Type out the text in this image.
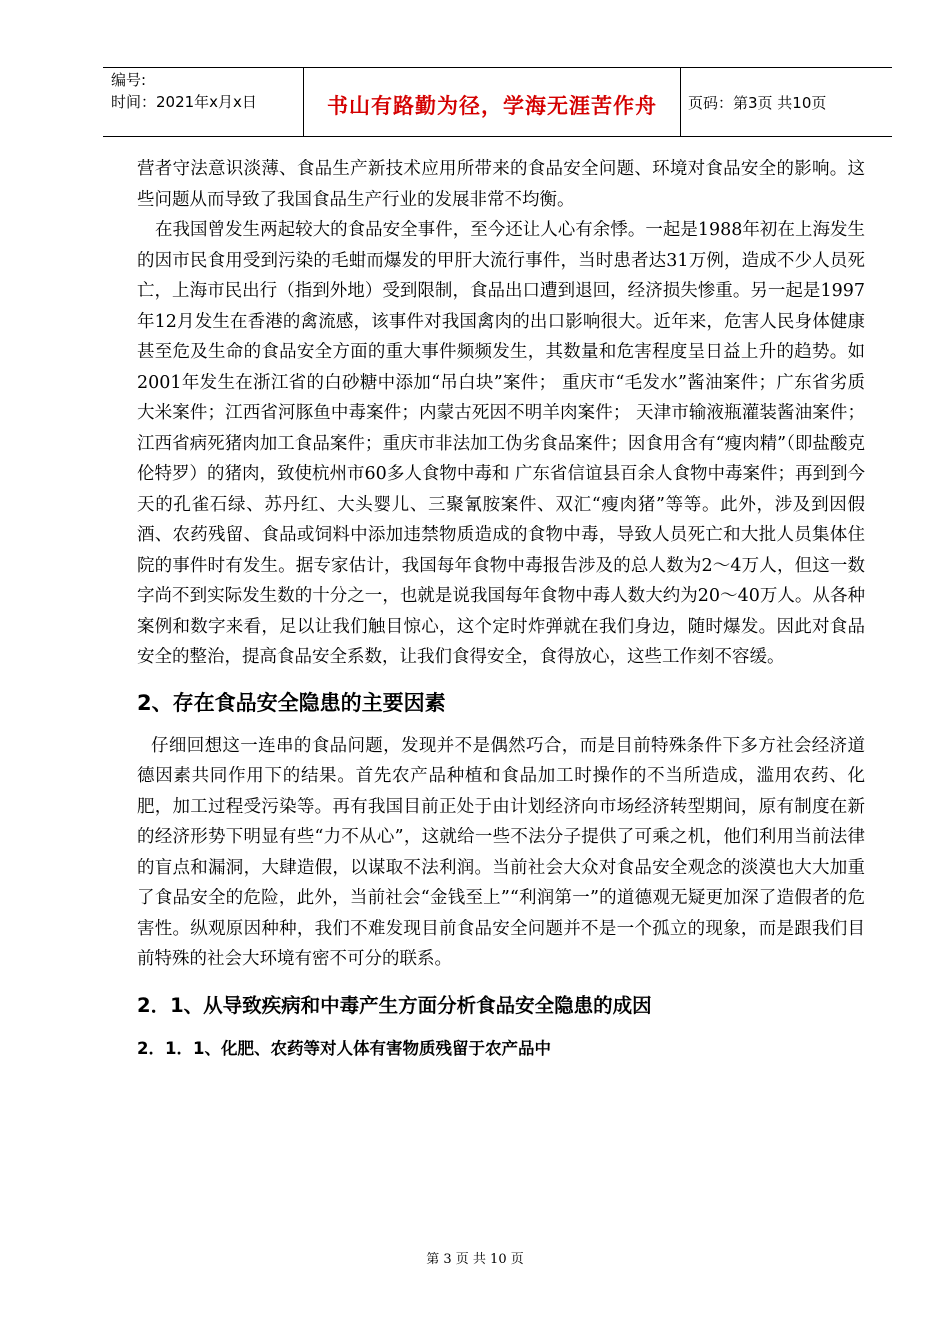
编号:
时间：2021年x月x日	书山有路勤为径，学海无涯苦作舟	页码：第3页 共10页

营者守法意识淡薄、食品生产新技术应用所带来的食品安全问题、环境对食品安全的影响。这些问题从而导致了我国食品生产行业的发展非常不均衡。

在我国曾发生两起较大的食品安全事件，至今还让人心有余悸。一起是1988年初在上海发生的因市民食用受到污染的毛蚶而爆发的甲肝大流行事件，当时患者达31万例，造成不少人员死亡，上海市民出行（指到外地）受到限制，食品出口遭到退回，经济损失惨重。另一起是1997年12月发生在香港的禽流感，该事件对我国禽肉的出口影响很大。近年来，危害人民身体健康甚至危及生命的食品安全方面的重大事件频频发生，其数量和危害程度呈日益上升的趋势。如2001年发生在浙江省的白砂糖中添加“吊白块”案件； 重庆市“毛发水”酱油案件；广东省劣质大米案件；江西省河豚鱼中毒案件；内蒙古死因不明羊肉案件； 天津市输液瓶灌装酱油案件；江西省病死猪肉加工食品案件；重庆市非法加工伪劣食品案件；因食用含有“瘦肉精”（即盐酸克伦特罗）的猪肉，致使杭州市60多人食物中毒和 广东省信谊县百余人食物中毒案件；再到到今天的孔雀石绿、苏丹红、大头婴儿、三聚氰胺案件、双汇“瘦肉猪”等等。此外，涉及到因假酒、农药残留、食品或饲料中添加违禁物质造成的食物中毒，导致人员死亡和大批人员集体住院的事件时有发生。据专家估计，我国每年食物中毒报告涉及的总人数为2～4万人，但这一数字尚不到实际发生数的十分之一，也就是说我国每年食物中毒人数大约为20～40万人。从各种案例和数字来看，足以让我们触目惊心，这个定时炸弹就在我们身边，随时爆发。因此对食品安全的整治，提高食品安全系数，让我们食得安全，食得放心，这些工作刻不容缓。

2、存在食品安全隐患的主要因素

仔细回想这一连串的食品问题，发现并不是偶然巧合，而是目前特殊条件下多方社会经济道德因素共同作用下的结果。首先农产品种植和食品加工时操作的不当所造成，滥用农药、化肥，加工过程受污染等。再有我国目前正处于由计划经济向市场经济转型期间，原有制度在新的经济形势下明显有些“力不从心”，这就给一些不法分子提供了可乘之机，他们利用当前法律的盲点和漏洞，大肆造假，以谋取不法利润。当前社会大众对食品安全观念的淡漠也大大加重了食品安全的危险，此外，当前社会“金钱至上”“利润第一”的道德观无疑更加深了造假者的危害性。纵观原因种种，我们不难发现目前食品安全问题并不是一个孤立的现象，而是跟我们目前特殊的社会大环境有密不可分的联系。

2．1、从导致疾病和中毒产生方面分析食品安全隐患的成因
2．1．1、化肥、农药等对人体有害物质残留于农产品中
第 3 页 共 10 页
